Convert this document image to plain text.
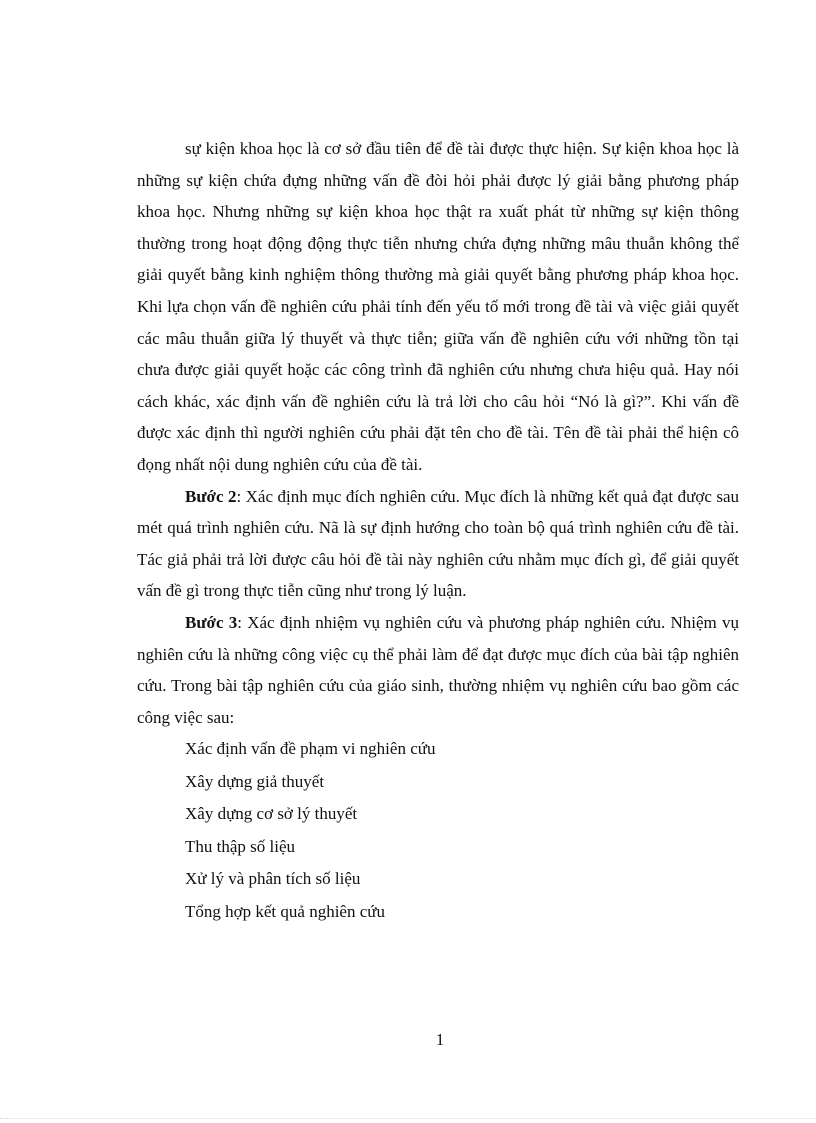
sự kiện khoa học là cơ sở đầu tiên để đề tài được thực hiện. Sự kiện khoa học là những sự kiện chứa đựng những vấn đề đòi hỏi phải được lý giải bằng phương pháp khoa học. Nhưng những sự kiện khoa học thật ra xuất phát từ những sự kiện thông thường trong hoạt động động thực tiễn nhưng chứa đựng những mâu thuẫn không thể giải quyết bằng kinh nghiệm thông thường mà giải quyết bằng phương pháp khoa học. Khi lựa chọn vấn đề nghiên cứu phải tính đến yếu tố mới trong đề tài và việc giải quyết các mâu thuẫn giữa lý thuyết và thực tiễn; giữa vấn đề nghiên cứu với những tồn tại chưa được giải quyết hoặc các công trình đã nghiên cứu nhưng chưa hiệu quả. Hay nói cách khác, xác định vấn đề nghiên cứu là trả lời cho câu hỏi “Nó là gì?”. Khi vấn đề được xác định thì người nghiên cứu phải đặt tên cho đề tài. Tên đề tài phải thể hiện cô đọng nhất nội dung nghiên cứu của đề tài.

Bước 2: Xác định mục đích nghiên cứu. Mục đích là những kết quả đạt được sau mét quá trình nghiên cứu. Nã là sự định hướng cho toàn bộ quá trình nghiên cứu đề tài. Tác giả phải trả lời được câu hỏi đề tài này nghiên cứu nhằm mục đích gì, để giải quyết vấn đề gì trong thực tiễn cũng như trong lý luận.

Bước 3: Xác định nhiệm vụ nghiên cứu và phương pháp nghiên cứu. Nhiệm vụ nghiên cứu là những công việc cụ thể phải làm để đạt được mục đích của bài tập nghiên cứu. Trong bài tập nghiên cứu của giáo sinh, thường nhiệm vụ nghiên cứu bao gồm các công việc sau:

Xác định vấn đề phạm vi nghiên cứu
Xây dựng giả thuyết
Xây dựng cơ sở lý thuyết
Thu thập số liệu
Xử lý và phân tích số liệu
Tổng hợp kết quả nghiên cứu
1
